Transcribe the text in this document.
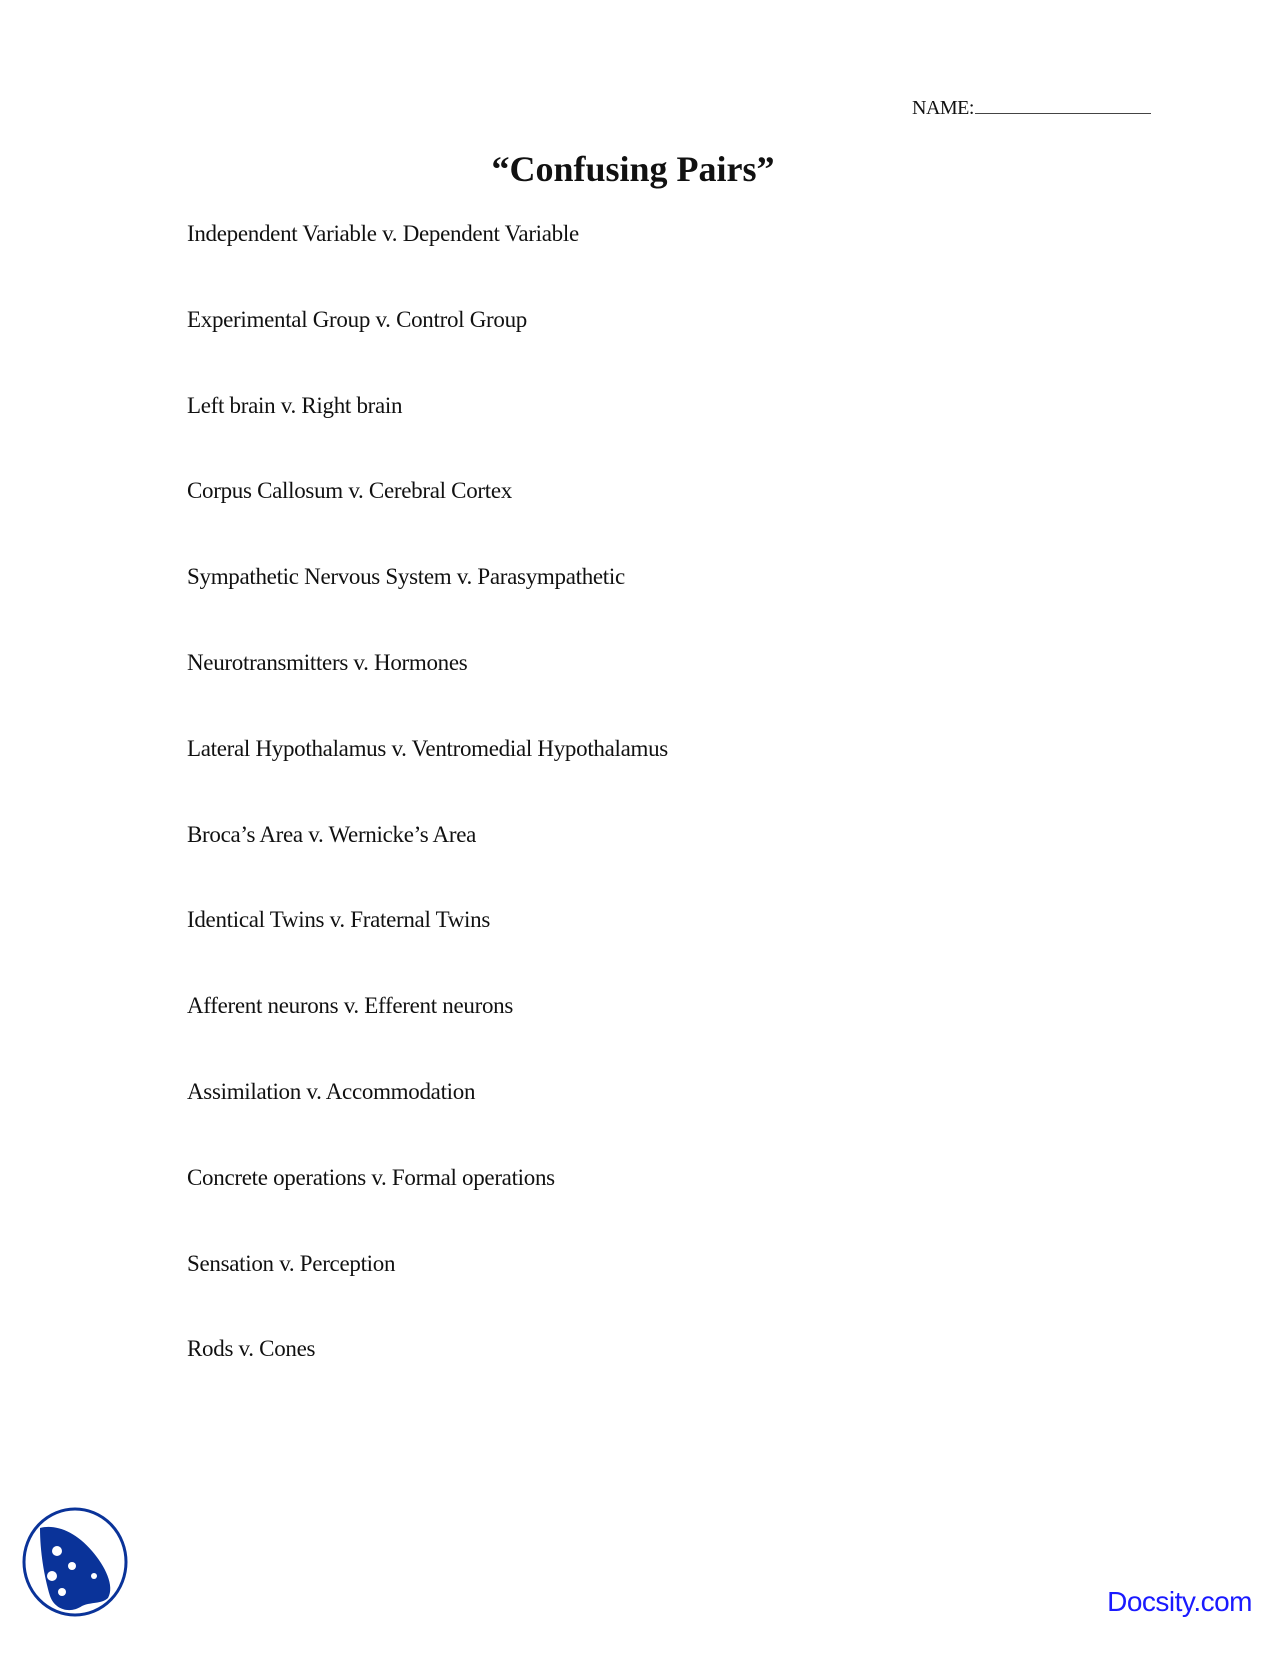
NAME:
“Confusing Pairs”
Independent Variable v. Dependent Variable
Experimental Group v. Control Group
Left brain v. Right brain
Corpus Callosum v. Cerebral Cortex
Sympathetic Nervous System v. Parasympathetic
Neurotransmitters v. Hormones
Lateral Hypothalamus v. Ventromedial Hypothalamus
Broca’s Area v. Wernicke’s Area
Identical Twins v. Fraternal Twins
Afferent neurons v. Efferent neurons
Assimilation v. Accommodation
Concrete operations v. Formal operations
Sensation v. Perception
Rods v. Cones
Docsity.com
